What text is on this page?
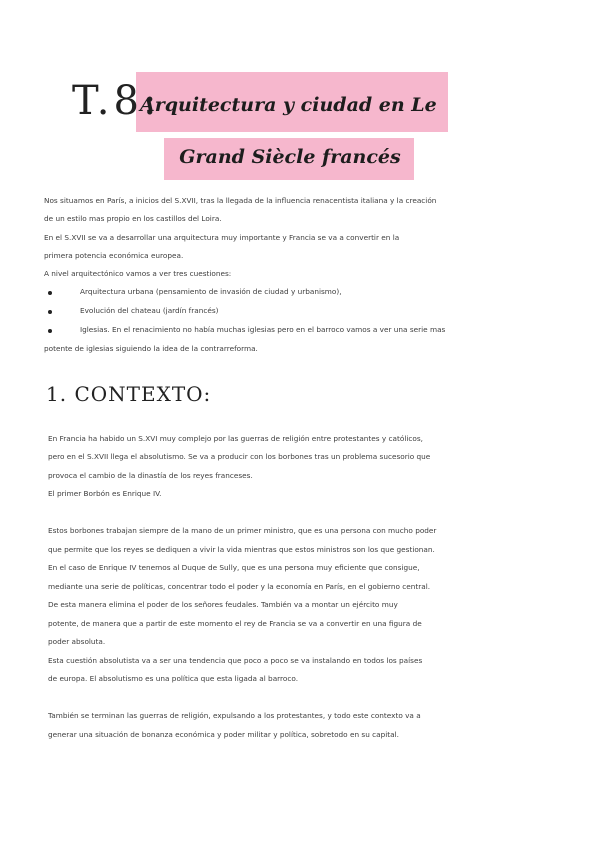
T.8:
Arquitectura y ciudad en Le
Grand Siècle francés
Nos situamos en París, a inicios del S.XVII, tras la llegada de la influencia renacentista italiana y la creación
de un estilo mas propio en los castillos del Loira.
En el S.XVII se va a desarrollar una arquitectura muy importante y Francia se va a convertir en la
primera potencia económica europea.
A nivel arquitectónico vamos a ver tres cuestiones:
Arquitectura urbana (pensamiento de invasión de ciudad y urbanismo),
Evolución del chateau (jardín francés)
Iglesias. En el renacimiento no había muchas iglesias pero en el barroco vamos a ver una serie mas
potente de iglesias siguiendo la idea de la contrarreforma.
1. CONTEXTO:
En Francia ha habido un S.XVI muy complejo por las guerras de religión entre protestantes y católicos,
pero en el S.XVII llega el absolutismo. Se va a producir con los borbones tras un problema sucesorio que
provoca el cambio de la dinastía de los reyes franceses.
El primer Borbón es Enrique IV.
Estos borbones trabajan siempre de la mano de un primer ministro, que es una persona con mucho poder
que permite que los reyes se dediquen a vivir la vida mientras que estos ministros son los que gestionan.
En el caso de Enrique IV tenemos al Duque de Sully, que es una persona muy eficiente que consigue,
mediante una serie de políticas, concentrar todo el poder y la economía en París, en el gobierno central.
De esta manera elimina el poder de los señores feudales. También va a montar un ejército muy
potente, de manera que a partir de este momento el rey de Francia se va a convertir en una figura de
poder absoluta.
Esta cuestión absolutista va a ser una tendencia que poco a poco se va instalando en todos los países
de europa. El absolutismo es una política que esta ligada al barroco.
También se terminan las guerras de religión, expulsando a los protestantes, y todo este contexto va a
generar una situación de bonanza económica y poder militar y política, sobretodo en su capital.
